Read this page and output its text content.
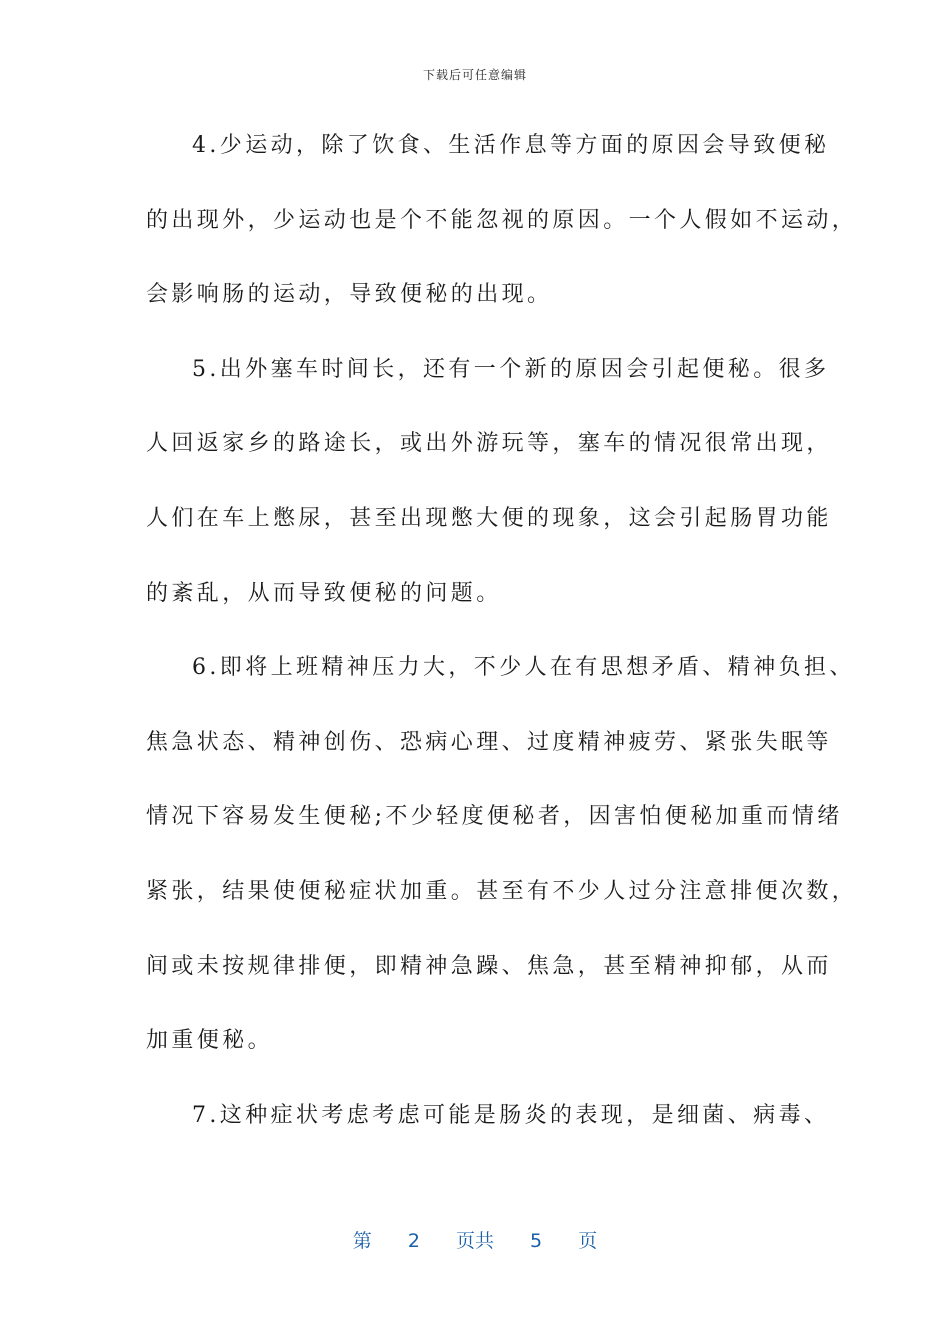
下载后可任意编辑
4.少运动，除了饮食、生活作息等方面的原因会导致便秘
的出现外，少运动也是个不能忽视的原因。一个人假如不运动，
会影响肠的运动，导致便秘的出现。
5.出外塞车时间长，还有一个新的原因会引起便秘。很多
人回返家乡的路途长，或出外游玩等，塞车的情况很常出现，
人们在车上憋尿，甚至出现憋大便的现象，这会引起肠胃功能
的紊乱，从而导致便秘的问题。
6.即将上班精神压力大，不少人在有思想矛盾、精神负担、
焦急状态、精神创伤、恐病心理、过度精神疲劳、紧张失眠等
情况下容易发生便秘;不少轻度便秘者，因害怕便秘加重而情绪
紧张，结果使便秘症状加重。甚至有不少人过分注意排便次数，
间或未按规律排便，即精神急躁、焦急，甚至精神抑郁，从而
加重便秘。
7.这种症状考虑考虑可能是肠炎的表现，是细菌、病毒、
第 2 页共 5 页
